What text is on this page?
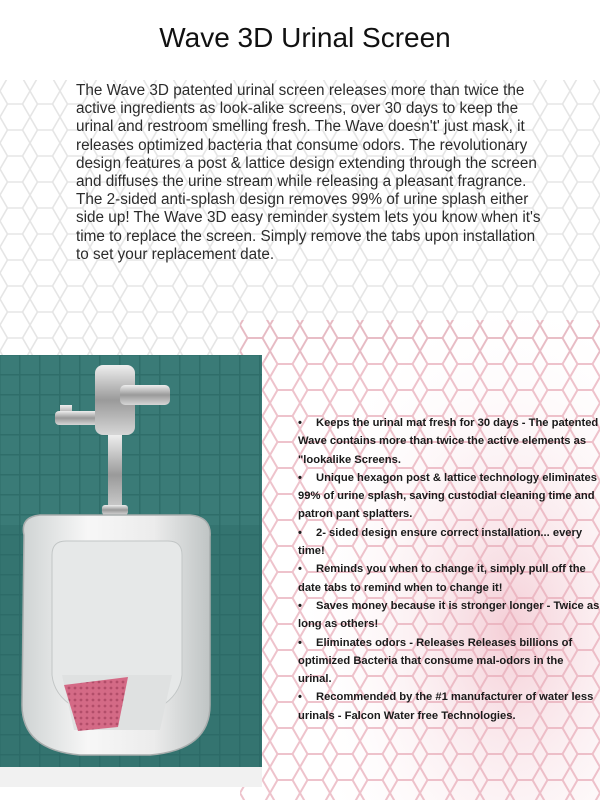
Wave 3D Urinal Screen

The Wave 3D patented urinal screen releases more than twice the active ingredients as look-alike screens, over 30 days to keep the urinal and restroom smelling fresh. The Wave doesn't' just mask, it releases optimized bacteria that consume odors. The revolutionary design features a post & lattice design extending through the screen and diffuses the urine stream while releasing a pleasant fragrance. The 2-sided anti-splash design removes 99% of urine splash either side up! The Wave 3D easy reminder system lets you know when it's time to replace the screen. Simply remove the tabs upon installation to set your replacement date.

• Keeps the urinal mat fresh for 30 days - The patented Wave contains more than twice the active elements as "lookalike Screens.
• Unique hexagon post & lattice technology eliminates 99% of urine splash, saving custodial cleaning time and patron pant splatters.
• 2- sided design ensure correct installation... every time!
• Reminds you when to change it, simply pull off the date tabs to remind when to change it!
• Saves money because it is stronger longer - Twice as long as others!
• Eliminates odors - Releases Releases billions of optimized Bacteria that consume mal-odors in the urinal.
• Recommended by the #1 manufacturer of water less urinals - Falcon Water free Technologies.
